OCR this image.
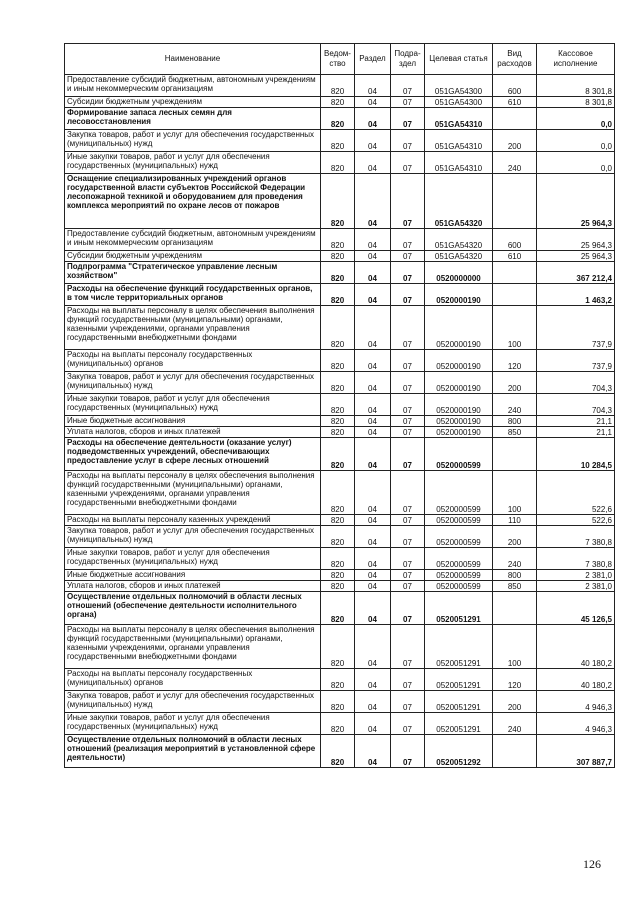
Наименование	Ведом-ство	Раздел	Подра-здел	Целевая статья	Вид расходов	Кассовое исполнение
Предоставление субсидий бюджетным, автономным учреждениям и иным некоммерческим организациям	820	04	07	051GA54300	600	8 301,8
Субсидии бюджетным учреждениям	820	04	07	051GA54300	610	8 301,8
Формирование запаса лесных семян для лесовосстановления	820	04	07	051GA54310		0,0
Закупка товаров, работ и услуг для обеспечения государственных (муниципальных) нужд	820	04	07	051GA54310	200	0,0
Иные закупки товаров, работ и услуг для обеспечения государственных (муниципальных) нужд	820	04	07	051GA54310	240	0,0
Оснащение специализированных учреждений органов государственной власти субъектов Российской Федерации лесопожарной техникой и оборудованием для проведения комплекса мероприятий по охране лесов от пожаров	820	04	07	051GA54320		25 964,3
Предоставление субсидий бюджетным, автономным учреждениям и иным некоммерческим организациям	820	04	07	051GA54320	600	25 964,3
Субсидии бюджетным учреждениям	820	04	07	051GA54320	610	25 964,3
Подпрограмма "Стратегическое управление лесным хозяйством"	820	04	07	0520000000		367 212,4
Расходы на обеспечение функций государственных органов, в том числе территориальных органов	820	04	07	0520000190		1 463,2
Расходы на выплаты персоналу в целях обеспечения выполнения функций государственными (муниципальными) органами, казенными учреждениями, органами управления государственными внебюджетными фондами	820	04	07	0520000190	100	737,9
Расходы на выплаты персоналу государственных (муниципальных) органов	820	04	07	0520000190	120	737,9
Закупка товаров, работ и услуг для обеспечения государственных (муниципальных) нужд	820	04	07	0520000190	200	704,3
Иные закупки товаров, работ и услуг для обеспечения государственных (муниципальных) нужд	820	04	07	0520000190	240	704,3
Иные бюджетные ассигнования	820	04	07	0520000190	800	21,1
Уплата налогов, сборов и иных платежей	820	04	07	0520000190	850	21,1
Расходы на обеспечение деятельности (оказание услуг) подведомственных учреждений, обеспечивающих предоставление услуг в сфере лесных отношений	820	04	07	0520000599		10 284,5
Расходы на выплаты персоналу в целях обеспечения выполнения функций государственными (муниципальными) органами, казенными учреждениями, органами управления государственными внебюджетными фондами	820	04	07	0520000599	100	522,6
Расходы на выплаты персоналу казенных учреждений	820	04	07	0520000599	110	522,6
Закупка товаров, работ и услуг для обеспечения государственных (муниципальных) нужд	820	04	07	0520000599	200	7 380,8
Иные закупки товаров, работ и услуг для обеспечения государственных (муниципальных) нужд	820	04	07	0520000599	240	7 380,8
Иные бюджетные ассигнования	820	04	07	0520000599	800	2 381,0
Уплата налогов, сборов и иных платежей	820	04	07	0520000599	850	2 381,0
Осуществление отдельных полномочий в области лесных отношений (обеспечение деятельности исполнительного органа)	820	04	07	0520051291		45 126,5
Расходы на выплаты персоналу в целях обеспечения выполнения функций государственными (муниципальными) органами, казенными учреждениями, органами управления государственными внебюджетными фондами	820	04	07	0520051291	100	40 180,2
Расходы на выплаты персоналу государственных (муниципальных) органов	820	04	07	0520051291	120	40 180,2
Закупка товаров, работ и услуг для обеспечения государственных (муниципальных) нужд	820	04	07	0520051291	200	4 946,3
Иные закупки товаров, работ и услуг для обеспечения государственных (муниципальных) нужд	820	04	07	0520051291	240	4 946,3
Осуществление отдельных полномочий в области лесных отношений (реализация мероприятий в установленной сфере деятельности)	820	04	07	0520051292		307 887,7
126
